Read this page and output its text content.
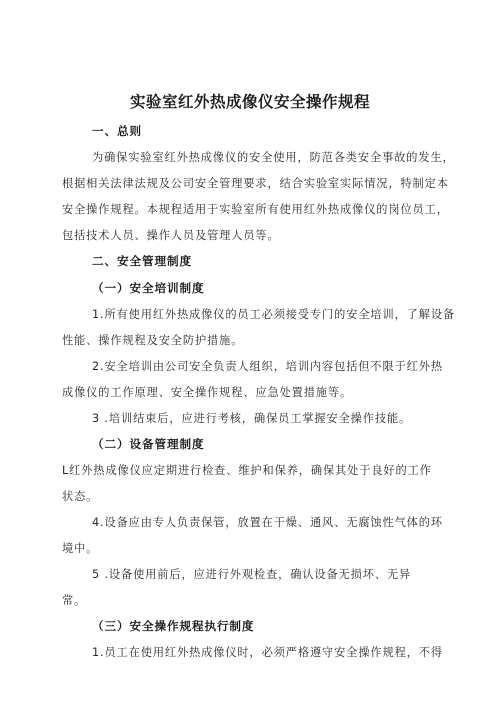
实验室红外热成像仪安全操作规程
一、总则
为确保实验室红外热成像仪的安全使用，防范各类安全事故的发生，
根据相关法律法规及公司安全管理要求，结合实验室实际情况，特制定本
安全操作规程。本规程适用于实验室所有使用红外热成像仪的岗位员工，
包括技术人员、操作人员及管理人员等。
二、安全管理制度
（一）安全培训制度
1.所有使用红外热成像仪的员工必须接受专门的安全培训，了解设备
性能、操作规程及安全防护措施。
2.安全培训由公司安全负责人组织，培训内容包括但不限于红外热
成像仪的工作原理、安全操作规程、应急处置措施等。
3 .培训结束后，应进行考核，确保员工掌握安全操作技能。
（二）设备管理制度
L红外热成像仪应定期进行检查、维护和保养，确保其处于良好的工作
状态。
4.设备应由专人负责保管，放置在干燥、通风、无腐蚀性气体的环
境中。
5 .设备使用前后，应进行外观检查，确认设备无损坏、无异
常。
（三）安全操作规程执行制度
1.员工在使用红外热成像仪时，必须严格遵守安全操作规程，不得
